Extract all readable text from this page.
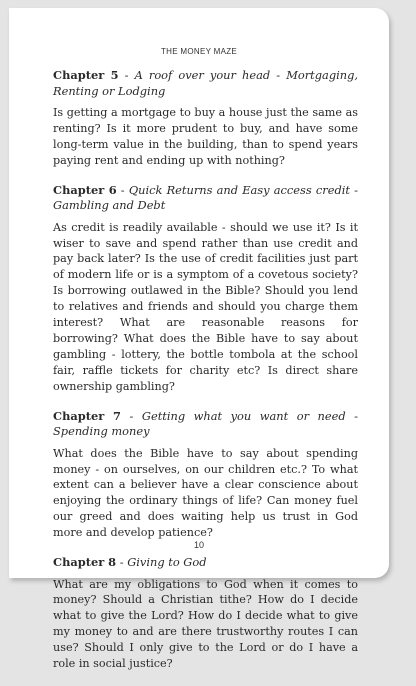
THE MONEY MAZE

Chapter 5 - A roof over your head - Mortgaging, Renting or Lodging

Is getting a mortgage to buy a house just the same as renting? Is it more prudent to buy, and have some long-term value in the building, than to spend years paying rent and ending up with nothing?

Chapter 6 - Quick Returns and Easy access credit - Gambling and Debt

As credit is readily available - should we use it? Is it wiser to save and spend rather than use credit and pay back later? Is the use of credit facilities just part of modern life or is a symptom of a covetous society? Is borrowing outlawed in the Bible? Should you lend to relatives and friends and should you charge them interest? What are reasonable reasons for borrowing? What does the Bible have to say about gambling - lottery, the bottle tombola at the school fair, raffle tickets for charity etc? Is direct share ownership gambling?

Chapter 7 - Getting what you want or need - Spending money

What does the Bible have to say about spending money - on ourselves, on our children etc.? To what extent can a believer have a clear conscience about enjoying the ordinary things of life? Can money fuel our greed and does waiting help us trust in God more and develop patience?

Chapter 8 - Giving to God

What are my obligations to God when it comes to money? Should a Christian tithe? How do I decide what to give the Lord? How do I decide what to give my money to and are there trustworthy routes I can use? Should I only give to the Lord or do I have a role in social justice?

10
